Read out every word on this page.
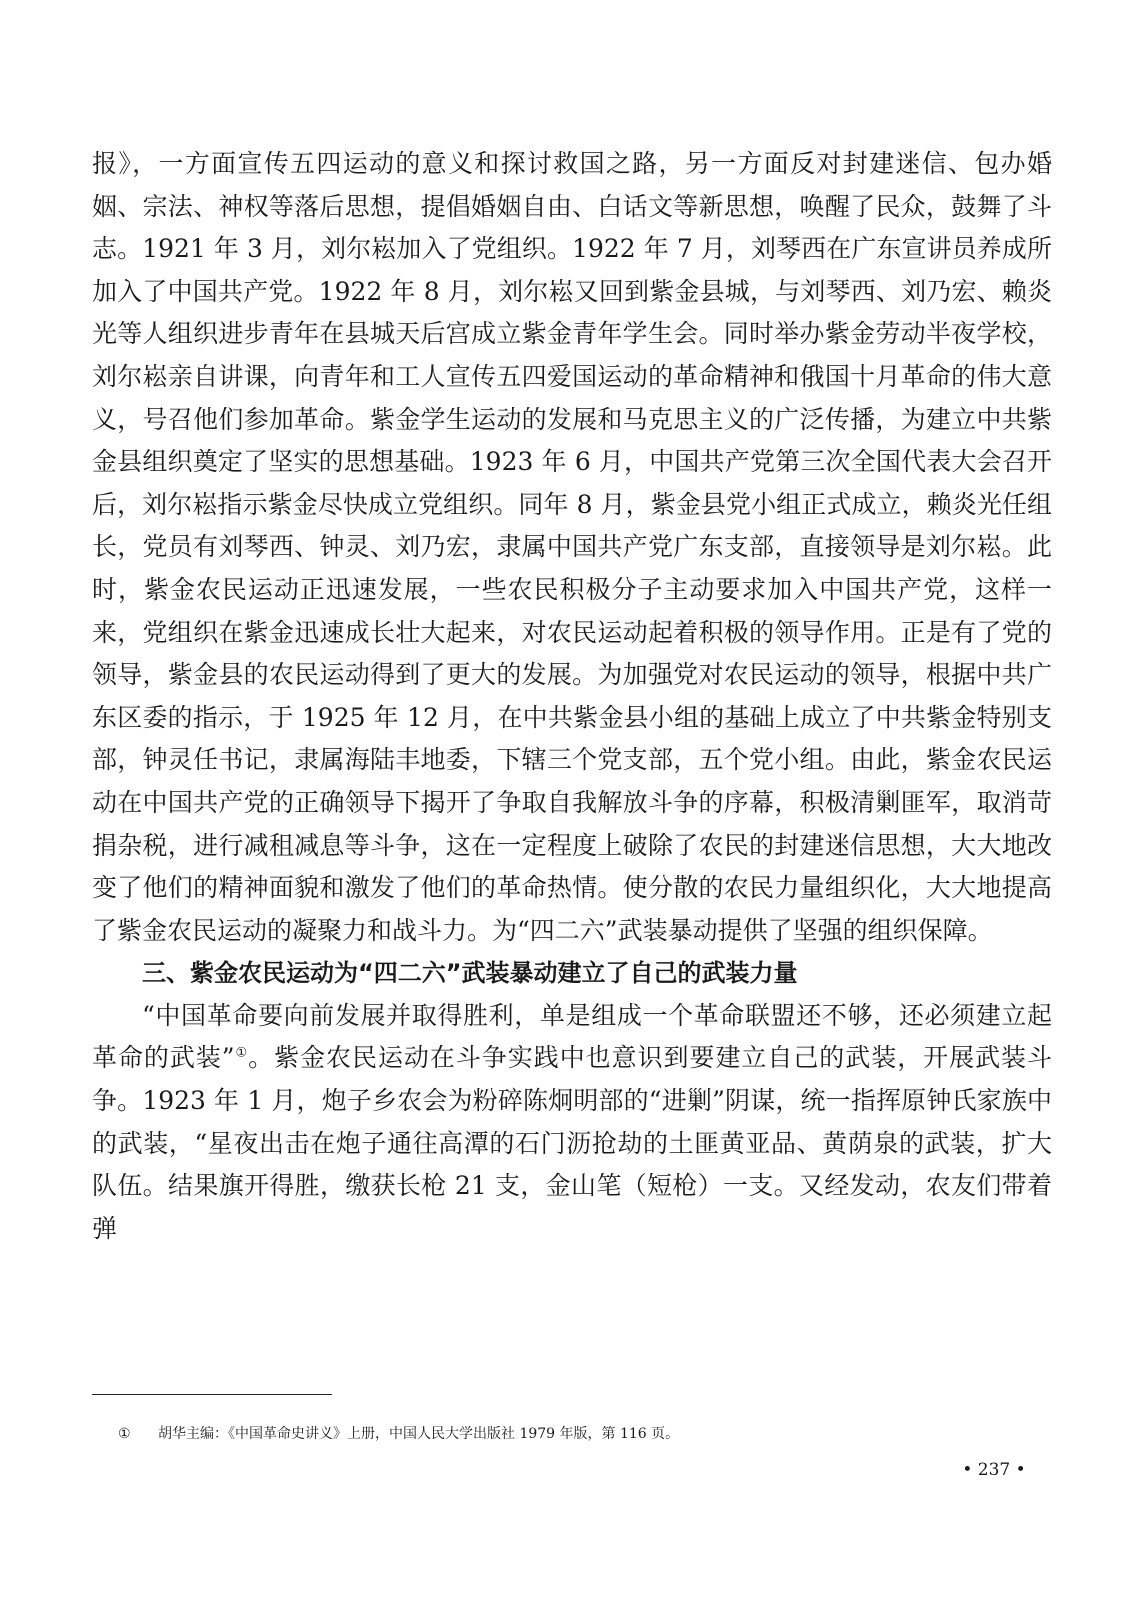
报》，一方面宣传五四运动的意义和探讨救国之路，另一方面反对封建迷信、包办婚姻、宗法、神权等落后思想，提倡婚姻自由、白话文等新思想，唤醒了民众，鼓舞了斗志。1921 年 3 月，刘尔崧加入了党组织。1922 年 7 月，刘琴西在广东宣讲员养成所加入了中国共产党。1922 年 8 月，刘尔崧又回到紫金县城，与刘琴西、刘乃宏、赖炎光等人组织进步青年在县城天后宫成立紫金青年学生会。同时举办紫金劳动半夜学校，刘尔崧亲自讲课，向青年和工人宣传五四爱国运动的革命精神和俄国十月革命的伟大意义，号召他们参加革命。紫金学生运动的发展和马克思主义的广泛传播，为建立中共紫金县组织奠定了坚实的思想基础。1923 年 6 月，中国共产党第三次全国代表大会召开后，刘尔崧指示紫金尽快成立党组织。同年 8 月，紫金县党小组正式成立，赖炎光任组长，党员有刘琴西、钟灵、刘乃宏，隶属中国共产党广东支部，直接领导是刘尔崧。此时，紫金农民运动正迅速发展，一些农民积极分子主动要求加入中国共产党，这样一来，党组织在紫金迅速成长壮大起来，对农民运动起着积极的领导作用。正是有了党的领导，紫金县的农民运动得到了更大的发展。为加强党对农民运动的领导，根据中共广东区委的指示，于 1925 年 12 月，在中共紫金县小组的基础上成立了中共紫金特别支部，钟灵任书记，隶属海陆丰地委，下辖三个党支部，五个党小组。由此，紫金农民运动在中国共产党的正确领导下揭开了争取自我解放斗争的序幕，积极清剿匪军，取消苛捐杂税，进行减租减息等斗争，这在一定程度上破除了农民的封建迷信思想，大大地改变了他们的精神面貌和激发了他们的革命热情。使分散的农民力量组织化，大大地提高了紫金农民运动的凝聚力和战斗力。为“四二六”武装暴动提供了坚强的组织保障。

三、紫金农民运动为“四二六”武装暴动建立了自己的武装力量

“中国革命要向前发展并取得胜利，单是组成一个革命联盟还不够，还必须建立起革命的武装”①。紫金农民运动在斗争实践中也意识到要建立自己的武装，开展武装斗争。1923 年 1 月，炮子乡农会为粉碎陈炯明部的“进剿”阴谋，统一指挥原钟氏家族中的武装，“星夜出击在炮子通往高潭的石门沥抢劫的土匪黄亚品、黄荫泉的武装，扩大队伍。结果旗开得胜，缴获长枪 21 支，金山笔（短枪）一支。又经发动，农友们带着弹

① 胡华主编：《中国革命史讲义》上册，中国人民大学出版社 1979 年版，第 116 页。
• 237 •
